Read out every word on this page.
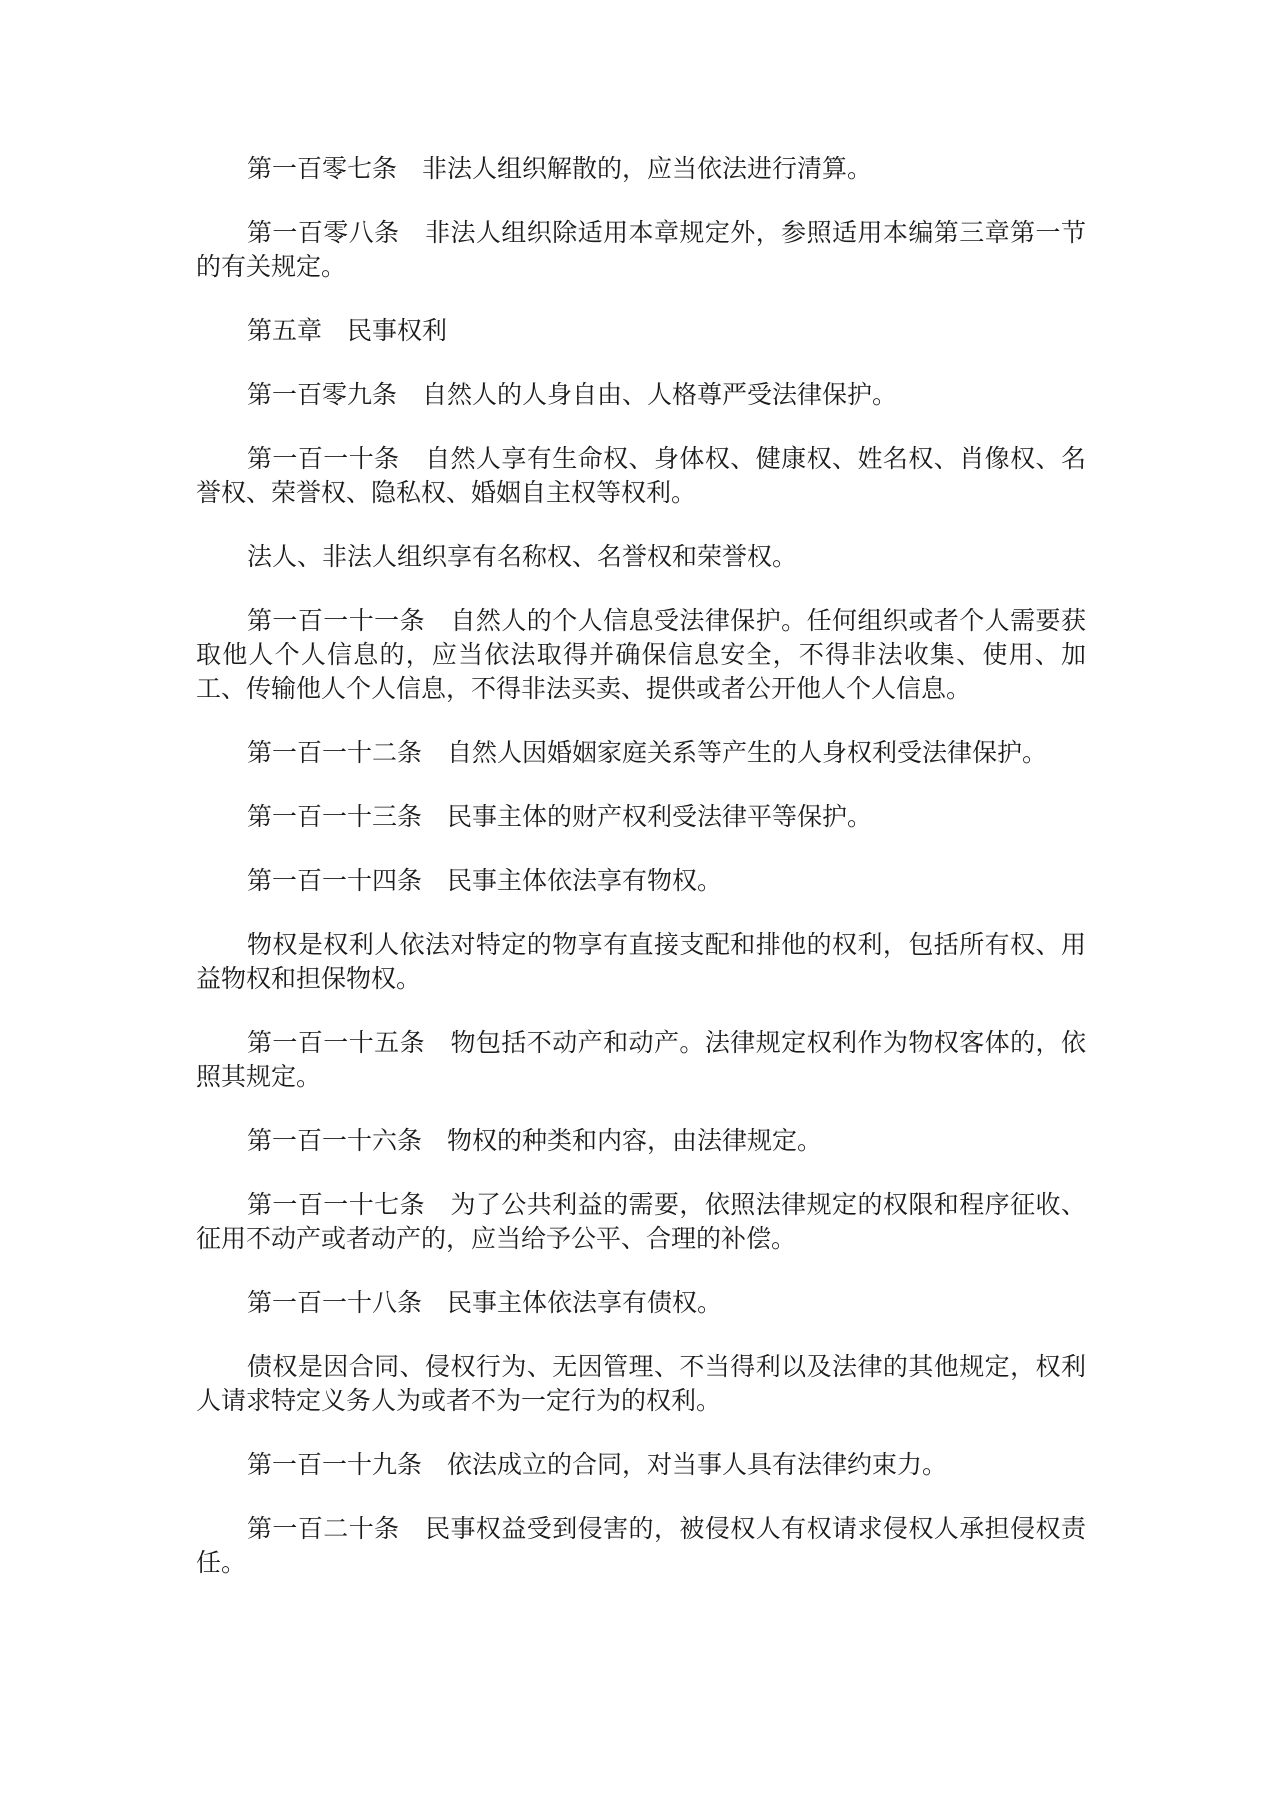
第一百零七条　 非法人组织解散的，应当依法进行清算。

第一百零八条　 非法人组织除适用本章规定外，参照适用本编第三章第一节的有关规定。

第五章　 民事权利

第一百零九条　 自然人的人身自由、人格尊严受法律保护。

第一百一十条　 自然人享有生命权、身体权、健康权、姓名权、肖像权、名誉权、荣誉权、隐私权、婚姻自主权等权利。

法人、非法人组织享有名称权、名誉权和荣誉权。

第一百一十一条　 自然人的个人信息受法律保护。任何组织或者个人需要获取他人个人信息的，应当依法取得并确保信息安全，不得非法收集、使用、加工、传输他人个人信息，不得非法买卖、提供或者公开他人个人信息。

第一百一十二条　 自然人因婚姻家庭关系等产生的人身权利受法律保护。

第一百一十三条　 民事主体的财产权利受法律平等保护。

第一百一十四条　 民事主体依法享有物权。

物权是权利人依法对特定的物享有直接支配和排他的权利，包括所有权、用益物权和担保物权。

第一百一十五条　 物包括不动产和动产。法律规定权利作为物权客体的，依照其规定。

第一百一十六条　 物权的种类和内容，由法律规定。

第一百一十七条　 为了公共利益的需要，依照法律规定的权限和程序征收、征用不动产或者动产的，应当给予公平、合理的补偿。

第一百一十八条　 民事主体依法享有债权。

债权是因合同、侵权行为、无因管理、不当得利以及法律的其他规定，权利人请求特定义务人为或者不为一定行为的权利。

第一百一十九条　 依法成立的合同，对当事人具有法律约束力。

第一百二十条　 民事权益受到侵害的，被侵权人有权请求侵权人承担侵权责任。
